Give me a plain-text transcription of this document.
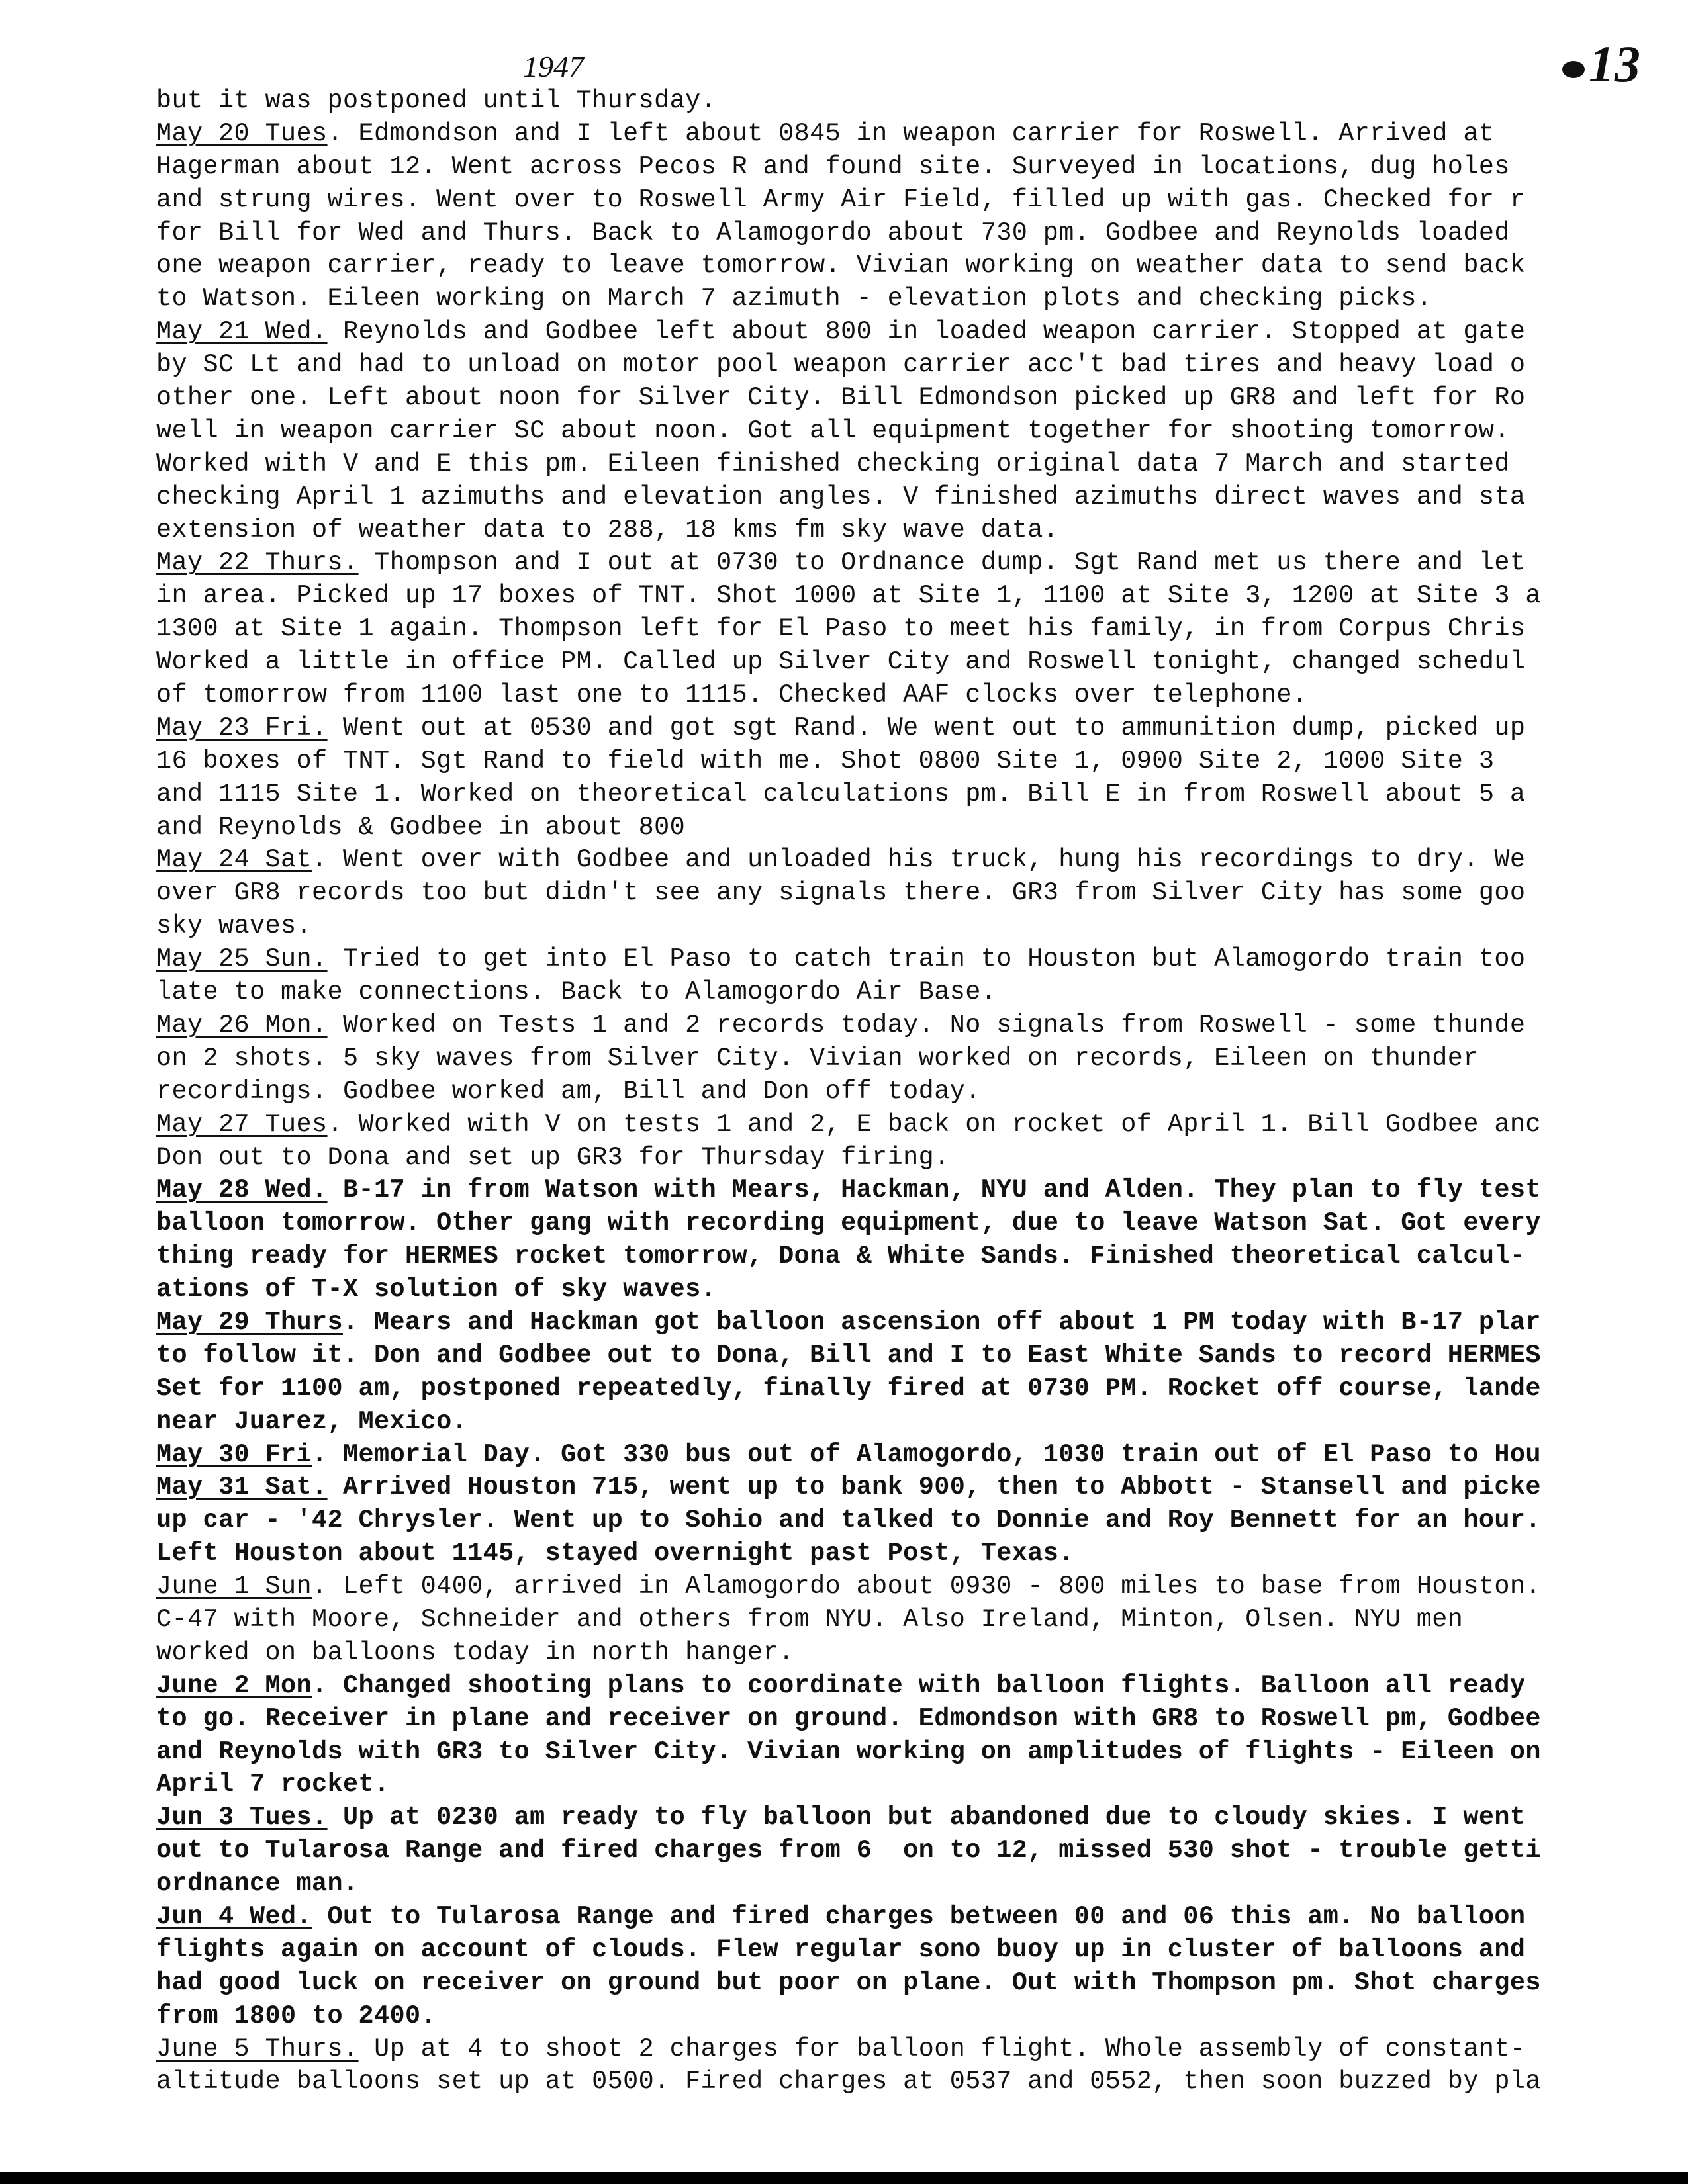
1947	13
but it was postponed until Thursday.
May 20 Tues. Edmondson and I left about 0845 in weapon carrier for Roswell. Arrived at
Hagerman about 12. Went across Pecos R and found site. Surveyed in locations, dug holes
and strung wires. Went over to Roswell Army Air Field, filled up with gas. Checked for r
for Bill for Wed and Thurs. Back to Alamogordo about 730 pm. Godbee and Reynolds loaded
one weapon carrier, ready to leave tomorrow. Vivian working on weather data to send back
to Watson. Eileen working on March 7 azimuth - elevation plots and checking picks.
May 21 Wed. Reynolds and Godbee left about 800 in loaded weapon carrier. Stopped at gate
by SC Lt and had to unload on motor pool weapon carrier acc't bad tires and heavy load o
other one. Left about noon for Silver City. Bill Edmondson picked up GR8 and left for Ro
well in weapon carrier SC about noon. Got all equipment together for shooting tomorrow.
Worked with V and E this pm. Eileen finished checking original data 7 March and started
checking April 1 azimuths and elevation angles. V finished azimuths direct waves and sta
extension of weather data to 288, 18 kms fm sky wave data.
May 22 Thurs. Thompson and I out at 0730 to Ordnance dump. Sgt Rand met us there and let
in area. Picked up 17 boxes of TNT. Shot 1000 at Site 1, 1100 at Site 3, 1200 at Site 3 a
1300 at Site 1 again. Thompson left for El Paso to meet his family, in from Corpus Chris
Worked a little in office PM. Called up Silver City and Roswell tonight, changed schedul
of tomorrow from 1100 last one to 1115. Checked AAF clocks over telephone.
May 23 Fri. Went out at 0530 and got sgt Rand. We went out to ammunition dump, picked up
16 boxes of TNT. Sgt Rand to field with me. Shot 0800 Site 1, 0900 Site 2, 1000 Site 3
and 1115 Site 1. Worked on theoretical calculations pm. Bill E in from Roswell about 5 a
and Reynolds & Godbee in about 800
May 24 Sat. Went over with Godbee and unloaded his truck, hung his recordings to dry. We
over GR8 records too but didn't see any signals there. GR3 from Silver City has some goo
sky waves.
May 25 Sun. Tried to get into El Paso to catch train to Houston but Alamogordo train too
late to make connections. Back to Alamogordo Air Base.
May 26 Mon. Worked on Tests 1 and 2 records today. No signals from Roswell - some thunde
on 2 shots. 5 sky waves from Silver City. Vivian worked on records, Eileen on thunder
recordings. Godbee worked am, Bill and Don off today.
May 27 Tues. Worked with V on tests 1 and 2, E back on rocket of April 1. Bill Godbee anc
Don out to Dona and set up GR3 for Thursday firing.
May 28 Wed. B-17 in from Watson with Mears, Hackman, NYU and Alden. They plan to fly test
balloon tomorrow. Other gang with recording equipment, due to leave Watson Sat. Got every
thing ready for HERMES rocket tomorrow, Dona & White Sands. Finished theoretical calcul-
ations of T-X solution of sky waves.
May 29 Thurs. Mears and Hackman got balloon ascension off about 1 PM today with B-17 plar
to follow it. Don and Godbee out to Dona, Bill and I to East White Sands to record HERMES
Set for 1100 am, postponed repeatedly, finally fired at 0730 PM. Rocket off course, lande
near Juarez, Mexico.
May 30 Fri. Memorial Day. Got 330 bus out of Alamogordo, 1030 train out of El Paso to Hou
May 31 Sat. Arrived Houston 715, went up to bank 900, then to Abbott - Stansell and picke
up car - '42 Chrysler. Went up to Sohio and talked to Donnie and Roy Bennett for an hour.
Left Houston about 1145, stayed overnight past Post, Texas.
June 1 Sun. Left 0400, arrived in Alamogordo about 0930 - 800 miles to base from Houston.
C-47 with Moore, Schneider and others from NYU. Also Ireland, Minton, Olsen. NYU men
worked on balloons today in north hanger.
June 2 Mon. Changed shooting plans to coordinate with balloon flights. Balloon all ready
to go. Receiver in plane and receiver on ground. Edmondson with GR8 to Roswell pm, Godbee
and Reynolds with GR3 to Silver City. Vivian working on amplitudes of flights - Eileen on
April 7 rocket.
Jun 3 Tues. Up at 0230 am ready to fly balloon but abandoned due to cloudy skies. I went
out to Tularosa Range and fired charges from 6  on to 12, missed 530 shot - trouble getti
ordnance man.
Jun 4 Wed. Out to Tularosa Range and fired charges between 00 and 06 this am. No balloon
flights again on account of clouds. Flew regular sono buoy up in cluster of balloons and
had good luck on receiver on ground but poor on plane. Out with Thompson pm. Shot charges
from 1800 to 2400.
June 5 Thurs. Up at 4 to shoot 2 charges for balloon flight. Whole assembly of constant-
altitude balloons set up at 0500. Fired charges at 0537 and 0552, then soon buzzed by pla
